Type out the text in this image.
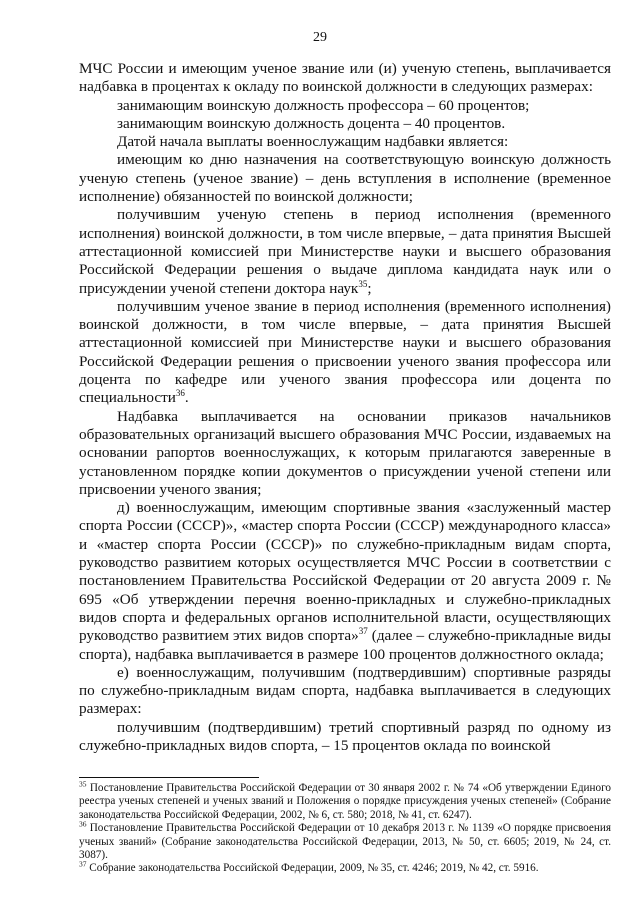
29

МЧС России и имеющим ученое звание или (и) ученую степень, выплачивается надбавка в процентах к окладу по воинской должности в следующих размерах:

занимающим воинскую должность профессора – 60 процентов;

занимающим воинскую должность доцента – 40 процентов.

Датой начала выплаты военнослужащим надбавки является:

имеющим ко дню назначения на соответствующую воинскую должность ученую степень (ученое звание) – день вступления в исполнение (временное исполнение) обязанностей по воинской должности;

получившим ученую степень в период исполнения (временного исполнения) воинской должности, в том числе впервые, – дата принятия Высшей аттестационной комиссией при Министерстве науки и высшего образования Российской Федерации решения о выдаче диплома кандидата наук или о присуждении ученой степени доктора наук$^{35}$;

получившим ученое звание в период исполнения (временного исполнения) воинской должности, в том числе впервые, – дата принятия Высшей аттестационной комиссией при Министерстве науки и высшего образования Российской Федерации решения о присвоении ученого звания профессора или доцента по кафедре или ученого звания профессора или доцента по специальности$^{36}$.

Надбавка выплачивается на основании приказов начальников образовательных организаций высшего образования МЧС России, издаваемых на основании рапортов военнослужащих, к которым прилагаются заверенные в установленном порядке копии документов о присуждении ученой степени или присвоении ученого звания;

д) военнослужащим, имеющим спортивные звания «заслуженный мастер спорта России (СССР)», «мастер спорта России (СССР) международного класса» и «мастер спорта России (СССР)» по служебно-прикладным видам спорта, руководство развитием которых осуществляется МЧС России в соответствии с постановлением Правительства Российской Федерации от 20 августа 2009 г. № 695 «Об утверждении перечня военно-прикладных и служебно-прикладных видов спорта и федеральных органов исполнительной власти, осуществляющих руководство развитием этих видов спорта»$^{37}$ (далее – служебно-прикладные виды спорта), надбавка выплачивается в размере 100 процентов должностного оклада;

е) военнослужащим, получившим (подтвердившим) спортивные разряды по служебно-прикладным видам спорта, надбавка выплачивается в следующих размерах:

получившим (подтвердившим) третий спортивный разряд по одному из служебно-прикладных видов спорта, – 15 процентов оклада по воинской

$^{35}$ Постановление Правительства Российской Федерации от 30 января 2002 г. № 74 «Об утверждении Единого реестра ученых степеней и ученых званий и Положения о порядке присуждения ученых степеней» (Собрание законодательства Российской Федерации, 2002, № 6, ст. 580; 2018, № 41, ст. 6247).

$^{36}$ Постановление Правительства Российской Федерации от 10 декабря 2013 г. № 1139 «О порядке присвоения ученых званий» (Собрание законодательства Российской Федерации, 2013, № 50, ст. 6605; 2019, № 24, ст. 3087).

$^{37}$ Собрание законодательства Российской Федерации, 2009, № 35, ст. 4246; 2019, № 42, ст. 5916.
